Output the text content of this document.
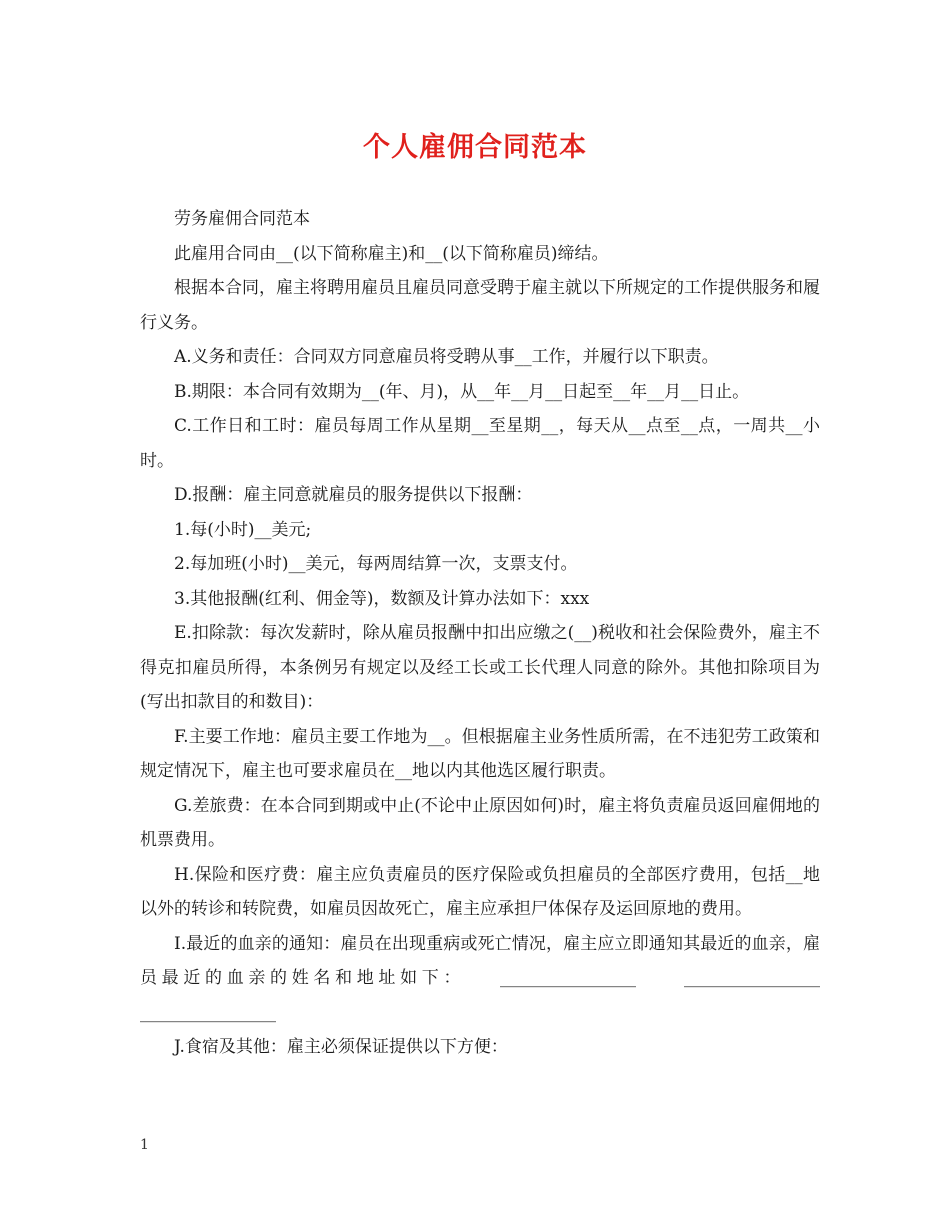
个人雇佣合同范本

劳务雇佣合同范本

此雇用合同由__(以下简称雇主)和__(以下简称雇员)缔结。

根据本合同，雇主将聘用雇员且雇员同意受聘于雇主就以下所规定的工作提供服务和履行义务。

A.义务和责任：合同双方同意雇员将受聘从事__工作，并履行以下职责。

B.期限：本合同有效期为__(年、月)，从__年__月__日起至__年__月__日止。

C.工作日和工时：雇员每周工作从星期__至星期__，每天从__点至__点，一周共__小时。

D.报酬：雇主同意就雇员的服务提供以下报酬：

1.每(小时)__美元;

2.每加班(小时)__美元，每两周结算一次，支票支付。

3.其他报酬(红利、佣金等)，数额及计算办法如下：xxx

E.扣除款：每次发薪时，除从雇员报酬中扣出应缴之(__)税收和社会保险费外，雇主不得克扣雇员所得，本条例另有规定以及经工长或工长代理人同意的除外。其他扣除项目为(写出扣款目的和数目)：

F.主要工作地：雇员主要工作地为__。但根据雇主业务性质所需，在不违犯劳工政策和规定情况下，雇主也可要求雇员在__地以内其他选区履行职责。

G.差旅费：在本合同到期或中止(不论中止原因如何)时，雇主将负责雇员返回雇佣地的机票费用。

H.保险和医疗费：雇主应负责雇员的医疗保险或负担雇员的全部医疗费用，包括__地以外的转诊和转院费，如雇员因故死亡，雇主应承担尸体保存及运回原地的费用。

I.最近的血亲的通知：雇员在出现重病或死亡情况，雇主应立即通知其最近的血亲，雇员最近的血亲的姓名和地址如下：　　________________　　________________　　________________

J.食宿及其他：雇主必须保证提供以下方便：

1
